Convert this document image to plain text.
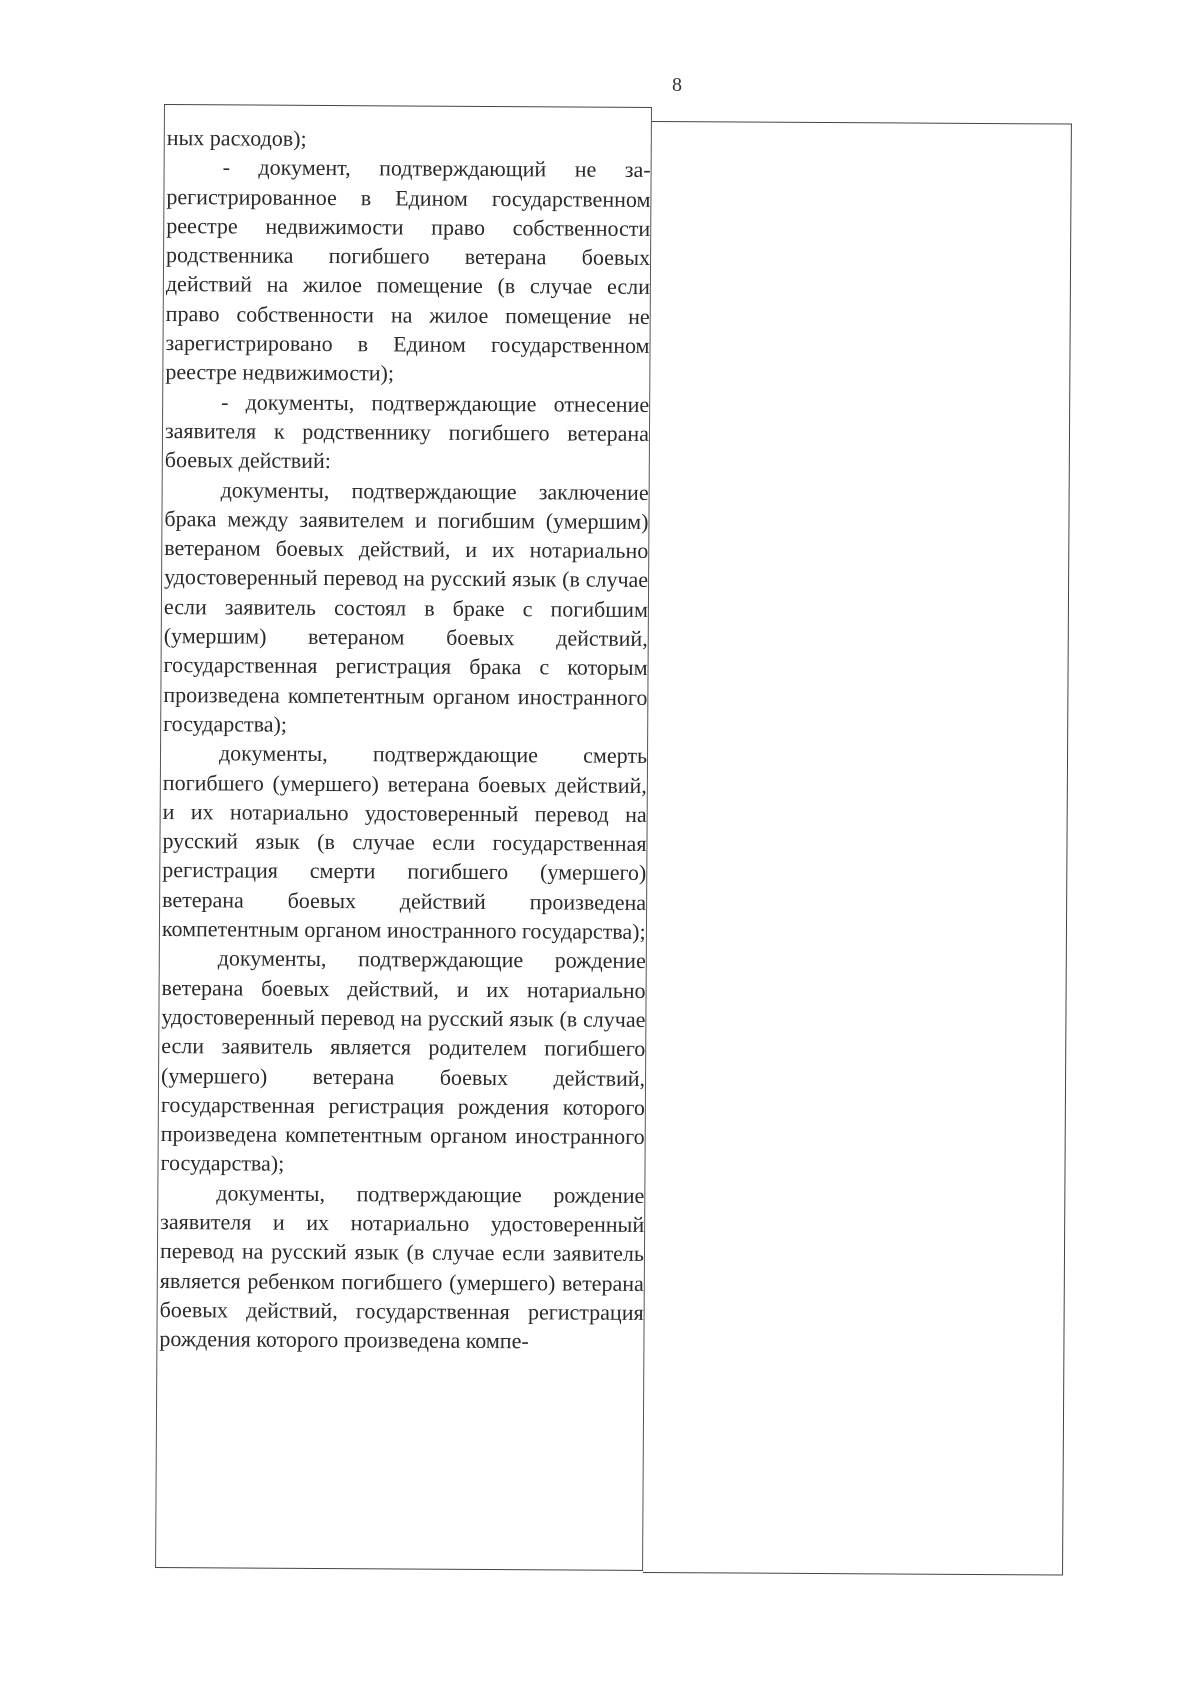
8

ных расходов);

- документ, подтверждающий не зарегистрированное в Едином государственном реестре недвижимости право собственности родственника погибшего ветерана боевых действий на жилое помещение (в случае если право собственности на жилое помещение не зарегистрировано в Едином государственном реестре недвижимости);

- документы, подтверждающие отнесение заявителя к родственнику погибшего ветерана боевых действий:

документы, подтверждающие заключение брака между заявителем и погибшим (умершим) ветераном боевых действий, и их нотариально удостоверенный перевод на русский язык (в случае если заявитель состоял в браке с погибшим (умершим) ветераном боевых действий, государственная регистрация брака с которым произведена компетентным органом иностранного государства);

документы, подтверждающие смерть погибшего (умершего) ветерана боевых действий, и их нотариально удостоверенный перевод на русский язык (в случае если государственная регистрация смерти погибшего (умершего) ветерана боевых действий произведена компетентным органом иностранного государства);

документы, подтверждающие рождение ветерана боевых действий, и их нотариально удостоверенный перевод на русский язык (в случае если заявитель является родителем погибшего (умершего) ветерана боевых действий, государственная регистрация рождения которого произведена компетентным органом иностранного государства);

документы, подтверждающие рождение заявителя и их нотариально удостоверенный перевод на русский язык (в случае если заявитель является ребенком погибшего (умершего) ветерана боевых действий, государственная регистрация рождения которого произведена компе-
